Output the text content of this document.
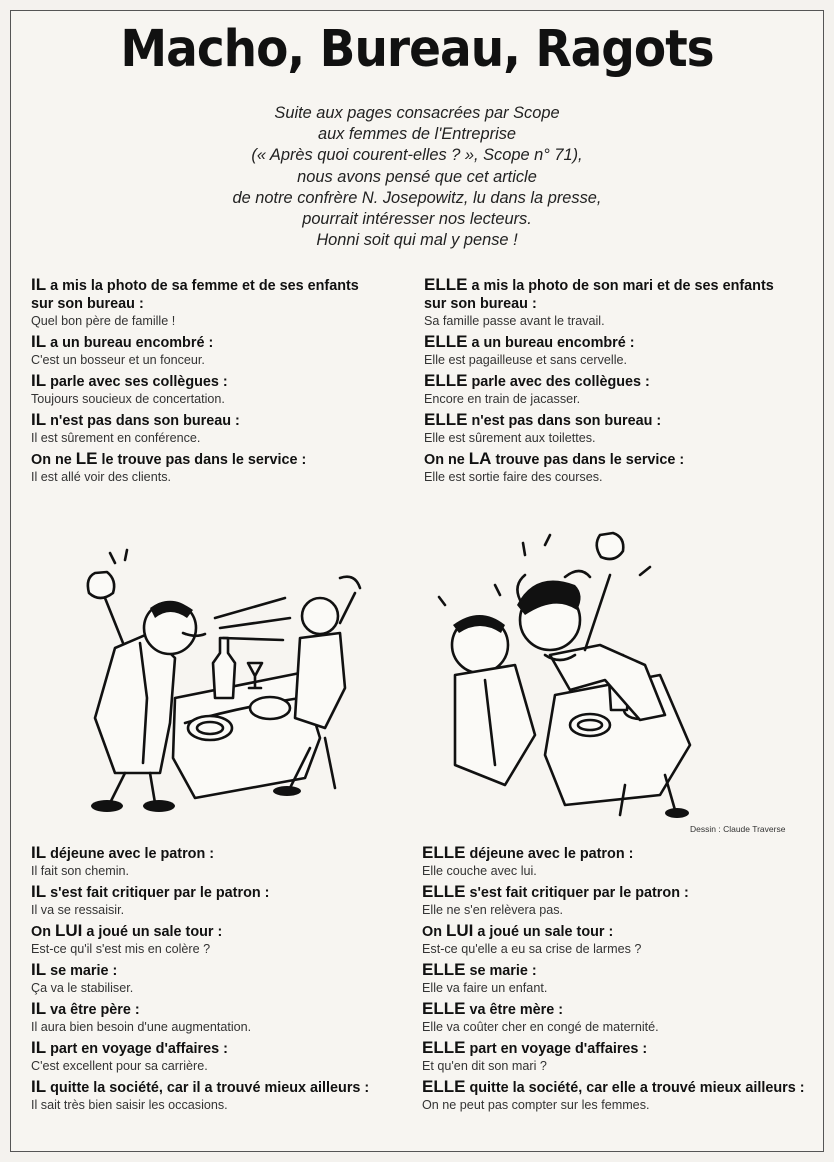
Macho, Bureau, Ragots
Suite aux pages consacrées par Scope
aux femmes de l'Entreprise
(« Après quoi courent-elles ? », Scope n° 71),
nous avons pensé que cet article
de notre confrère N. Josepowitz, lu dans la presse,
pourrait intéresser nos lecteurs.
Honni soit qui mal y pense !
IL a mis la photo de sa femme et de ses enfants sur son bureau :
Quel bon père de famille !
IL a un bureau encombré :
C'est un bosseur et un fonceur.
IL parle avec ses collègues :
Toujours soucieux de concertation.
IL n'est pas dans son bureau :
Il est sûrement en conférence.
On ne LE le trouve pas dans le service :
Il est allé voir des clients.
ELLE a mis la photo de son mari et de ses enfants sur son bureau :
Sa famille passe avant le travail.
ELLE a un bureau encombré :
Elle est pagailleuse et sans cervelle.
ELLE parle avec des collègues :
Encore en train de jacasser.
ELLE n'est pas dans son bureau :
Elle est sûrement aux toilettes.
On ne LA trouve pas dans le service :
Elle est sortie faire des courses.
Dessin : Claude Traverse
IL déjeune avec le patron :
Il fait son chemin.
IL s'est fait critiquer par le patron :
Il va se ressaisir.
On LUI a joué un sale tour :
Est-ce qu'il s'est mis en colère ?
IL se marie :
Ça va le stabiliser.
IL va être père :
Il aura bien besoin d'une augmentation.
IL part en voyage d'affaires :
C'est excellent pour sa carrière.
IL quitte la société, car il a trouvé mieux ailleurs :
Il sait très bien saisir les occasions.
ELLE déjeune avec le patron :
Elle couche avec lui.
ELLE s'est fait critiquer par le patron :
Elle ne s'en relèvera pas.
On LUI a joué un sale tour :
Est-ce qu'elle a eu sa crise de larmes ?
ELLE se marie :
Elle va faire un enfant.
ELLE va être mère :
Elle va coûter cher en congé de maternité.
ELLE part en voyage d'affaires :
Et qu'en dit son mari ?
ELLE quitte la société, car elle a trouvé mieux ailleurs :
On ne peut pas compter sur les femmes.
